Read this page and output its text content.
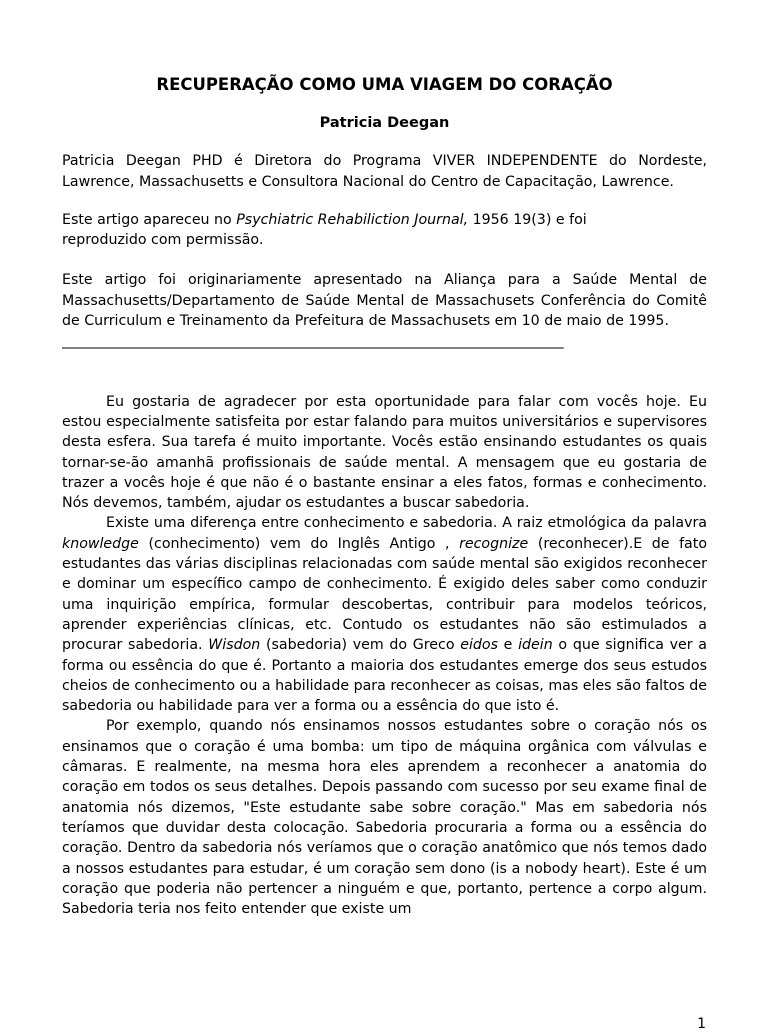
RECUPERAÇÃO COMO UMA VIAGEM DO CORAÇÃO
Patricia Deegan

Patricia Deegan PHD é Diretora do Programa VIVER INDEPENDENTE do Nordeste, Lawrence, Massachusetts e Consultora Nacional do Centro de Capacitação, Lawrence.

Este artigo apareceu no Psychiatric Rehabiliction Journal, 1956 19(3) e foi
reproduzido com permissão.

Este artigo foi originariamente apresentado na Aliança para a Saúde Mental de Massachusetts/Departamento de Saúde Mental de Massachusets Conferência do Comitê de Curriculum e Treinamento da Prefeitura de Massachusets em 10 de maio de 1995.

____________________________________________________________________________

Eu gostaria de agradecer por esta oportunidade para falar com vocês hoje. Eu estou especialmente satisfeita por estar falando para muitos universitários e supervisores desta esfera. Sua tarefa é muito importante. Vocês estão ensinando estudantes os quais tornar-se-ão amanhã profissionais de saúde mental. A mensagem que eu gostaria de trazer a vocês hoje é que não é o bastante ensinar a eles fatos, formas e conhecimento. Nós devemos, também, ajudar os estudantes a buscar sabedoria.

Existe uma diferença entre conhecimento e sabedoria. A raiz etmológica da palavra knowledge (conhecimento) vem do Inglês Antigo , recognize (reconhecer).E de fato estudantes das várias disciplinas relacionadas com saúde mental são exigidos reconhecer e dominar um específico campo de conhecimento. É exigido deles saber como conduzir uma inquirição empírica, formular descobertas, contribuir para modelos teóricos, aprender experiências clínicas, etc. Contudo os estudantes não são estimulados a procurar sabedoria. Wisdon (sabedoria) vem do Greco eidos e idein o que significa ver a forma ou essência do que é. Portanto a maioria dos estudantes emerge dos seus estudos cheios de conhecimento ou a habilidade para reconhecer as coisas, mas eles são faltos de sabedoria ou habilidade para ver a forma ou a essência do que isto é.

Por exemplo, quando nós ensinamos nossos estudantes sobre o coração nós os ensinamos que o coração é uma bomba: um tipo de máquina orgânica com válvulas e câmaras. E realmente, na mesma hora eles aprendem a reconhecer a anatomia do coração em todos os seus detalhes. Depois passando com sucesso por seu exame final de anatomia nós dizemos, "Este estudante sabe sobre coração." Mas em sabedoria nós teríamos que duvidar desta colocação. Sabedoria procuraria a forma ou a essência do coração. Dentro da sabedoria nós veríamos que o coração anatômico que nós temos dado a nossos estudantes para estudar, é um coração sem dono (is a nobody heart). Este é um coração que poderia não pertencer a ninguém e que, portanto, pertence a corpo algum. Sabedoria teria nos feito entender que existe um

1
